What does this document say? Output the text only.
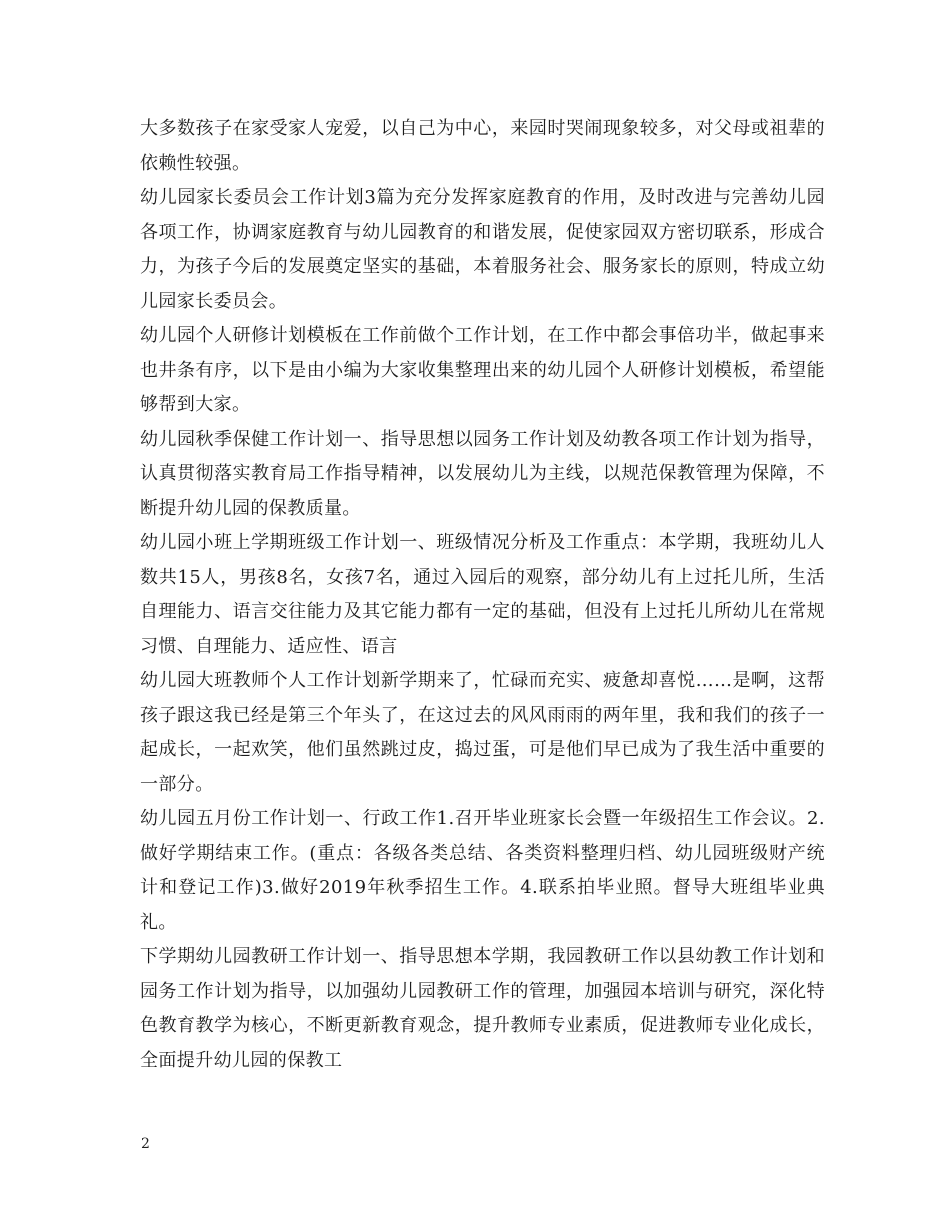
大多数孩子在家受家人宠爱，以自己为中心，来园时哭闹现象较多，对父母或祖辈的依赖性较强。

幼儿园家长委员会工作计划3篇为充分发挥家庭教育的作用，及时改进与完善幼儿园各项工作，协调家庭教育与幼儿园教育的和谐发展，促使家园双方密切联系，形成合力，为孩子今后的发展奠定坚实的基础，本着服务社会、服务家长的原则，特成立幼儿园家长委员会。

幼儿园个人研修计划模板在工作前做个工作计划，在工作中都会事倍功半，做起事来也井条有序，以下是由小编为大家收集整理出来的幼儿园个人研修计划模板，希望能够帮到大家。

幼儿园秋季保健工作计划一、指导思想以园务工作计划及幼教各项工作计划为指导，认真贯彻落实教育局工作指导精神，以发展幼儿为主线，以规范保教管理为保障，不断提升幼儿园的保教质量。

幼儿园小班上学期班级工作计划一、班级情况分析及工作重点：本学期，我班幼儿人数共15人，男孩8名，女孩7名，通过入园后的观察，部分幼儿有上过托儿所，生活自理能力、语言交往能力及其它能力都有一定的基础，但没有上过托儿所幼儿在常规习惯、自理能力、适应性、语言

幼儿园大班教师个人工作计划新学期来了，忙碌而充实、疲惫却喜悦……是啊，这帮孩子跟这我已经是第三个年头了，在这过去的风风雨雨的两年里，我和我们的孩子一起成长，一起欢笑，他们虽然跳过皮，捣过蛋，可是他们早已成为了我生活中重要的一部分。

幼儿园五月份工作计划一、行政工作1.召开毕业班家长会暨一年级招生工作会议。2.做好学期结束工作。(重点：各级各类总结、各类资料整理归档、幼儿园班级财产统计和登记工作)3.做好2019年秋季招生工作。4.联系拍毕业照。督导大班组毕业典礼。

下学期幼儿园教研工作计划一、指导思想本学期，我园教研工作以县幼教工作计划和园务工作计划为指导，以加强幼儿园教研工作的管理，加强园本培训与研究，深化特色教育教学为核心，不断更新教育观念，提升教师专业素质，促进教师专业化成长，全面提升幼儿园的保教工

2
